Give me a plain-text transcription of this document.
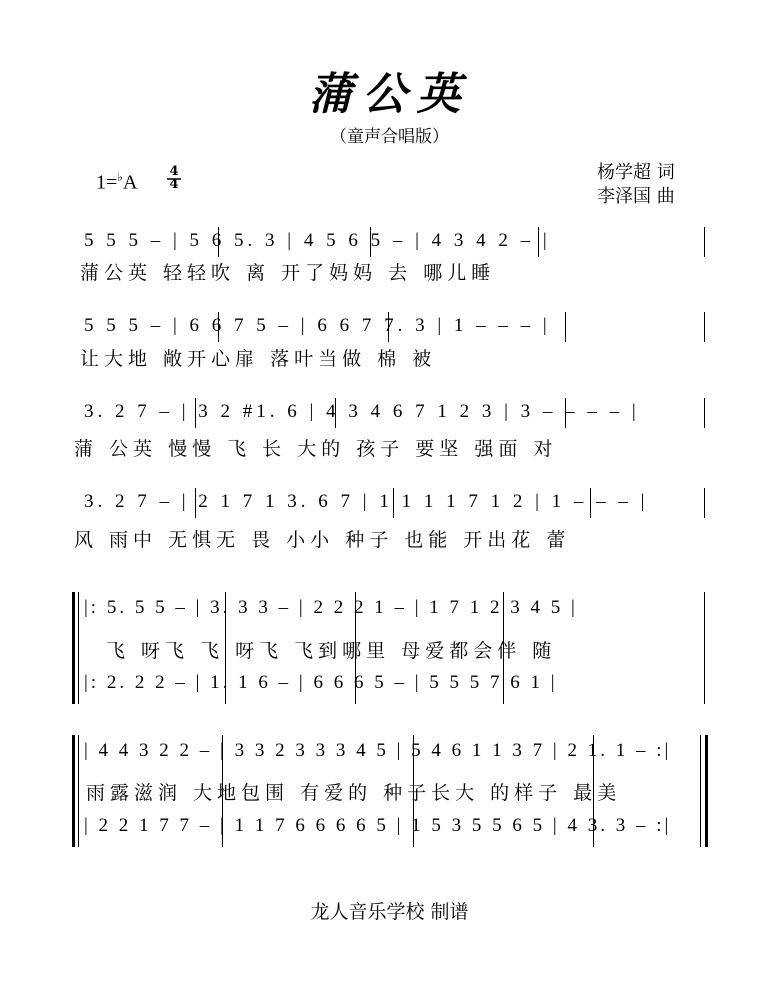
蒲公英
（童声合唱版）
1=♭A
4
4
杨学超 词
李泽国 曲
蒲公英 轻轻吹 离 开了妈妈 去 哪儿睡
让大地 敞开心扉 落叶当做 棉 被
蒲 公英 慢慢 飞 长 大的 孩子 要坚 强面 对
风 雨中 无惧无 畏 小小 种子 也能 开出花 蕾
飞 呀飞 飞 呀飞 飞到哪里 母爱都会伴 随
雨露滋润 大地包围 有爱的 种子长大 的样子 最美
5 5 5 – | 5 6 5. 3 | 4 5 6 5 – | 4 3 4 2 – |
5 5 5 – | 6 6 7 5 – | 6 6 7 7. 3 | 1 – – – |
3. 2 7 – | 3 2 #1. 6 | 4 3 4 6 7 1 2 3 | 3 – – – – |
3. 2 7 – | 2 1 7 1 3. 6 7 | 1 1 1 1 7 1 2 | 1 – – – |
|: 5. 5 5 – | 3. 3 3 – | 2 2 2 1 – | 1 7 1 2 3 4 5 |
|: 2. 2 2 – | 1. 1 6 – | 6 6 6 5 – | 5 5 5 7 6 1 |
| 4 4 3 2 2 – | 3 3 2 3 3 3 4 5 | 5 4 6 1 1 3 7 | 2 1. 1 – :|
| 2 2 1 7 7 – | 1 1 7 6 6 6 6 5 | 1 5 3 5 5 6 5 | 4 3. 3 – :|
龙人音乐学校 制谱
